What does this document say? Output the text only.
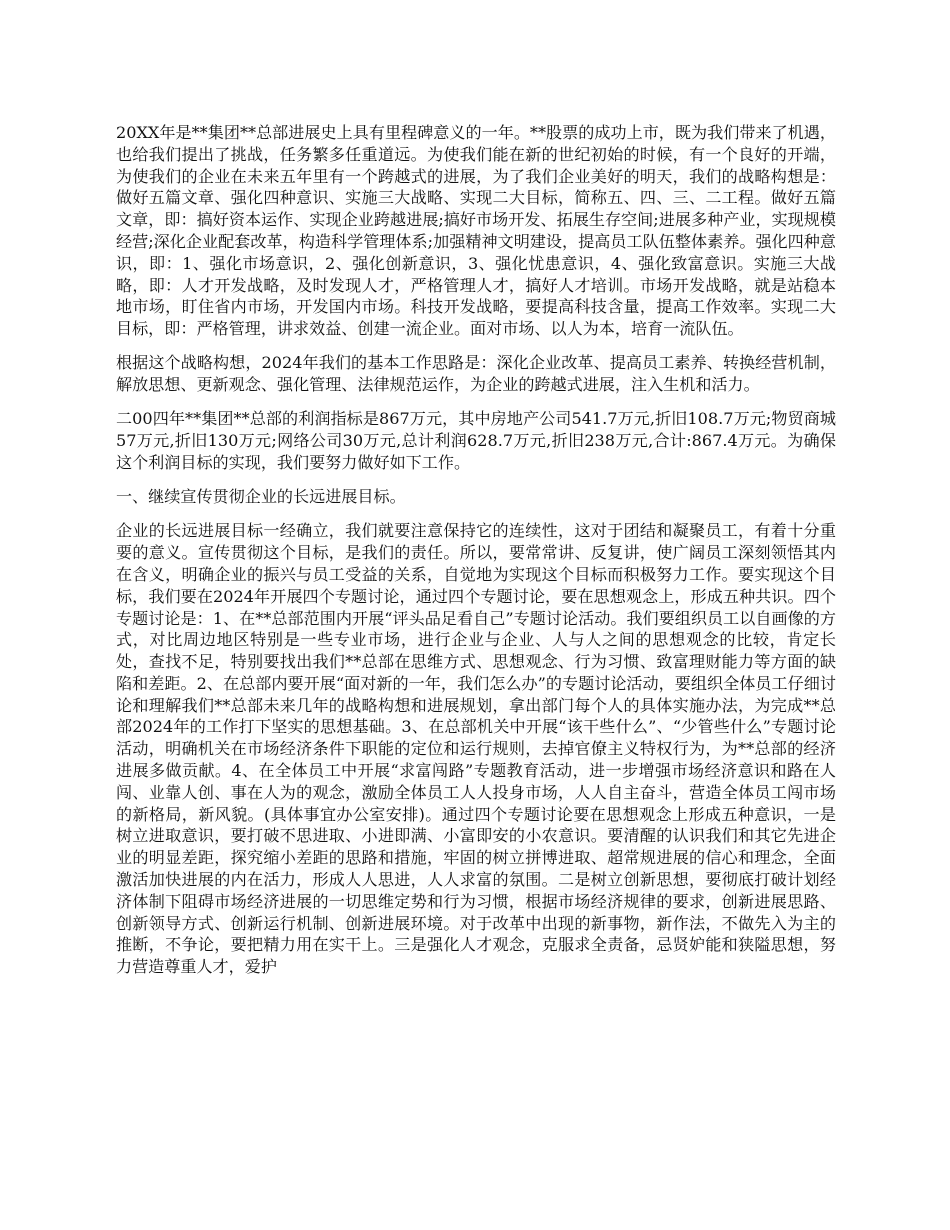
20XX年是**集团**总部进展史上具有里程碑意义的一年。**股票的成功上市，既为我们带来了机遇，也给我们提出了挑战，任务繁多任重道远。为使我们能在新的世纪初始的时候，有一个良好的开端，为使我们的企业在未来五年里有一个跨越式的进展，为了我们企业美好的明天，我们的战略构想是：做好五篇文章、强化四种意识、实施三大战略、实现二大目标，简称五、四、三、二工程。做好五篇文章，即：搞好资本运作、实现企业跨越进展;搞好市场开发、拓展生存空间;进展多种产业，实现规模经营;深化企业配套改革，构造科学管理体系;加强精神文明建设，提高员工队伍整体素养。强化四种意识，即：1、强化市场意识，2、强化创新意识，3、强化忧患意识，4、强化致富意识。实施三大战略，即：人才开发战略，及时发现人才，严格管理人才，搞好人才培训。市场开发战略，就是站稳本地市场，盯住省内市场，开发国内市场。科技开发战略，要提高科技含量，提高工作效率。实现二大目标，即：严格管理，讲求效益、创建一流企业。面对市场、以人为本，培育一流队伍。

根据这个战略构想，2024年我们的基本工作思路是：深化企业改革、提高员工素养、转换经营机制，解放思想、更新观念、强化管理、法律规范运作，为企业的跨越式进展，注入生机和活力。

二00四年**集团**总部的利润指标是867万元，其中房地产公司541.7万元,折旧108.7万元;物贸商城57万元,折旧130万元;网络公司30万元,总计利润628.7万元,折旧238万元,合计:867.4万元。为确保这个利润目标的实现，我们要努力做好如下工作。

一、继续宣传贯彻企业的长远进展目标。

企业的长远进展目标一经确立，我们就要注意保持它的连续性，这对于团结和凝聚员工，有着十分重要的意义。宣传贯彻这个目标，是我们的责任。所以，要常常讲、反复讲，使广阔员工深刻领悟其内在含义，明确企业的振兴与员工受益的关系，自觉地为实现这个目标而积极努力工作。要实现这个目标，我们要在2024年开展四个专题讨论，通过四个专题讨论，要在思想观念上，形成五种共识。四个专题讨论是：1、在**总部范围内开展“评头品足看自己”专题讨论活动。我们要组织员工以自画像的方式，对比周边地区特别是一些专业市场，进行企业与企业、人与人之间的思想观念的比较，肯定长处，查找不足，特别要找出我们**总部在思维方式、思想观念、行为习惯、致富理财能力等方面的缺陷和差距。2、在总部内要开展“面对新的一年，我们怎么办”的专题讨论活动，要组织全体员工仔细讨论和理解我们**总部未来几年的战略构想和进展规划，拿出部门每个人的具体实施办法，为完成**总部2024年的工作打下坚实的思想基础。3、在总部机关中开展“该干些什么”、“少管些什么”专题讨论活动，明确机关在市场经济条件下职能的定位和运行规则，去掉官僚主义特权行为，为**总部的经济进展多做贡献。4、在全体员工中开展“求富闯路”专题教育活动，进一步增强市场经济意识和路在人闯、业靠人创、事在人为的观念，激励全体员工人人投身市场，人人自主奋斗，营造全体员工闯市场的新格局，新风貌。(具体事宜办公室安排)。通过四个专题讨论要在思想观念上形成五种意识，一是树立进取意识，要打破不思进取、小进即满、小富即安的小农意识。要清醒的认识我们和其它先进企业的明显差距，探究缩小差距的思路和措施，牢固的树立拼博进取、超常规进展的信心和理念，全面激活加快进展的内在活力，形成人人思进，人人求富的氛围。二是树立创新思想，要彻底打破计划经济体制下阻碍市场经济进展的一切思维定势和行为习惯，根据市场经济规律的要求，创新进展思路、创新领导方式、创新运行机制、创新进展环境。对于改革中出现的新事物，新作法，不做先入为主的推断，不争论，要把精力用在实干上。三是强化人才观念，克服求全责备，忌贤妒能和狭隘思想，努力营造尊重人才，爱护
